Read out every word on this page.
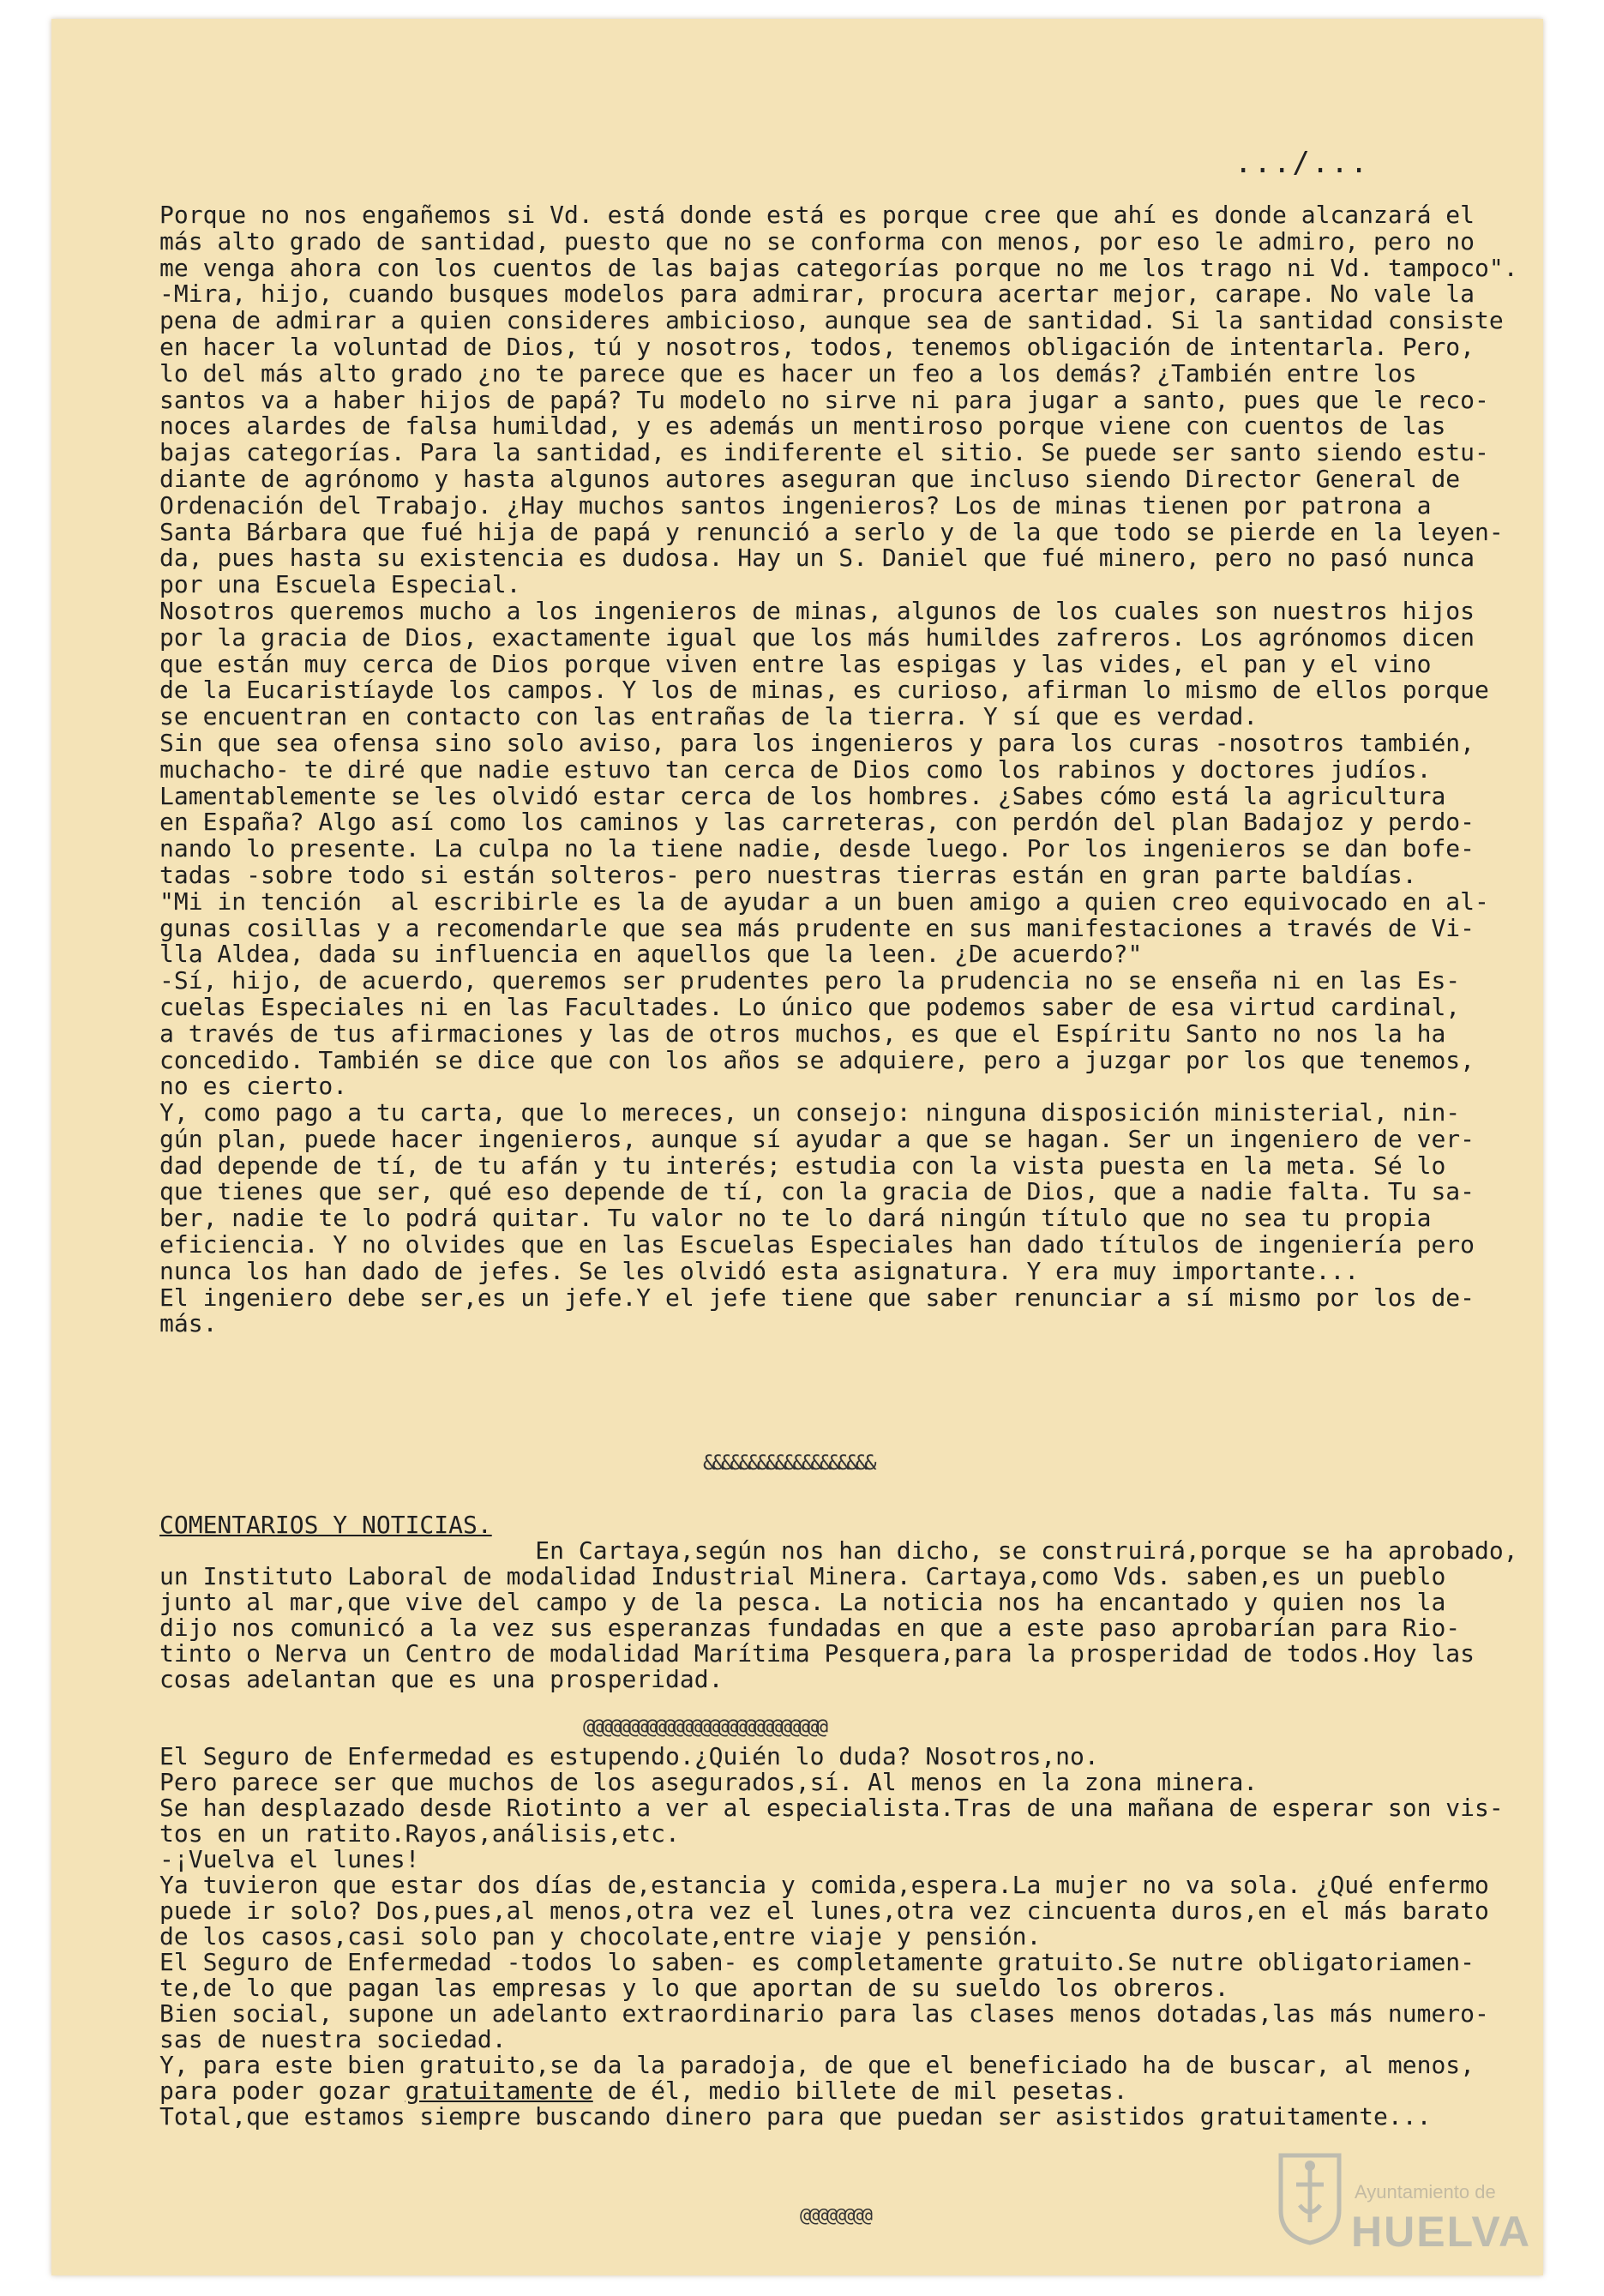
.../...

Porque no nos engañemos si Vd. está donde está es porque cree que ahí es donde alcanzará el

más alto grado de santidad, puesto que no se conforma con menos, por eso le admiro, pero no

me venga ahora con los cuentos de las bajas categorías porque no me los trago ni Vd. tampoco".

-Mira, hijo, cuando busques modelos para admirar, procura acertar mejor, carape. No vale la

pena de admirar a quien consideres ambicioso, aunque sea de santidad. Si la santidad consiste

en hacer la voluntad de Dios, tú y nosotros, todos, tenemos obligación de intentarla. Pero,

lo del más alto grado ¿no te parece que es hacer un feo a los demás? ¿También entre los

santos va a haber hijos de papá? Tu modelo no sirve ni para jugar a santo, pues que le reco-

noces alardes de falsa humildad, y es además un mentiroso porque viene con cuentos de las

bajas categorías. Para la santidad, es indiferente el sitio. Se puede ser santo siendo estu-

diante de agrónomo y hasta algunos autores aseguran que incluso siendo Director General de

Ordenación del Trabajo. ¿Hay muchos santos ingenieros? Los de minas tienen por patrona a

Santa Bárbara que fué hija de papá y renunció a serlo y de la que todo se pierde en la leyen-

da, pues hasta su existencia es dudosa. Hay un S. Daniel que fué minero, pero no pasó nunca

por una Escuela Especial.

Nosotros queremos mucho a los ingenieros de minas, algunos de los cuales son nuestros hijos

por la gracia de Dios, exactamente igual que los más humildes zafreros. Los agrónomos dicen

que están muy cerca de Dios porque viven entre las espigas y las vides, el pan y el vino

de la Eucaristíayde los campos. Y los de minas, es curioso, afirman lo mismo de ellos porque

se encuentran en contacto con las entrañas de la tierra. Y sí que es verdad.

Sin que sea ofensa sino solo aviso, para los ingenieros y para los curas -nosotros también,

muchacho- te diré que nadie estuvo tan cerca de Dios como los rabinos y doctores judíos.

Lamentablemente se les olvidó estar cerca de los hombres. ¿Sabes cómo está la agricultura

en España? Algo así como los caminos y las carreteras, con perdón del plan Badajoz y perdo-

nando lo presente. La culpa no la tiene nadie, desde luego. Por los ingenieros se dan bofe-

tadas -sobre todo si están solteros- pero nuestras tierras están en gran parte baldías.

"Mi in tención  al escribirle es la de ayudar a un buen amigo a quien creo equivocado en al-

gunas cosillas y a recomendarle que sea más prudente en sus manifestaciones a través de Vi-

lla Aldea, dada su influencia en aquellos que la leen. ¿De acuerdo?"

-Sí, hijo, de acuerdo, queremos ser prudentes pero la prudencia no se enseña ni en las Es-

cuelas Especiales ni en las Facultades. Lo único que podemos saber de esa virtud cardinal,

a través de tus afirmaciones y las de otros muchos, es que el Espíritu Santo no nos la ha

concedido. También se dice que con los años se adquiere, pero a juzgar por los que tenemos,

no es cierto.

Y, como pago a tu carta, que lo mereces, un consejo: ninguna disposición ministerial, nin-

gún plan, puede hacer ingenieros, aunque sí ayudar a que se hagan. Ser un ingeniero de ver-

dad depende de tí, de tu afán y tu interés; estudia con la vista puesta en la meta. Sé lo

que tienes que ser, qué eso depende de tí, con la gracia de Dios, que a nadie falta. Tu sa-

ber, nadie te lo podrá quitar. Tu valor no te lo dará ningún título que no sea tu propia

eficiencia. Y no olvides que en las Escuelas Especiales han dado títulos de ingeniería pero

nunca los han dado de jefes. Se les olvidó esta asignatura. Y era muy importante...

El ingeniero debe ser,es un jefe.Y el jefe tiene que saber renunciar a sí mismo por los de-

más.

&&&&&&&&&&&&&&&&&&&

COMENTARIOS Y NOTICIAS.

En Cartaya,según nos han dicho, se construirá,porque se ha aprobado,

un Instituto Laboral de modalidad Industrial Minera. Cartaya,como Vds. saben,es un pueblo

junto al mar,que vive del campo y de la pesca. La noticia nos ha encantado y quien nos la

dijo nos comunicó a la vez sus esperanzas fundadas en que a este paso aprobarían para Rio-

tinto o Nerva un Centro de modalidad Marítima Pesquera,para la prosperidad de todos.Hoy las

cosas adelantan que es una prosperidad.

@@@@@@@@@@@@@@@@@@@@@@@@@@@

El Seguro de Enfermedad es estupendo.¿Quién lo duda? Nosotros,no.

Pero parece ser que muchos de los asegurados,sí. Al menos en la zona minera.

Se han desplazado desde Riotinto a ver al especialista.Tras de una mañana de esperar son vis-

tos en un ratito.Rayos,análisis,etc.

-¡Vuelva el lunes!

Ya tuvieron que estar dos días de,estancia y comida,espera.La mujer no va sola. ¿Qué enfermo

puede ir solo? Dos,pues,al menos,otra vez el lunes,otra vez cincuenta duros,en el más barato

de los casos,casi solo pan y chocolate,entre viaje y pensión.

El Seguro de Enfermedad -todos lo saben- es completamente gratuito.Se nutre obligatoriamen-

te,de lo que pagan las empresas y lo que aportan de su sueldo los obreros.

Bien social, supone un adelanto extraordinario para las clases menos dotadas,las más numero-

sas de nuestra sociedad.

Y, para este bien gratuito,se da la paradoja, de que el beneficiado ha de buscar, al menos,

para poder gozar gratuitamente de él, medio billete de mil pesetas.

Total,que estamos siempre buscando dinero para que puedan ser asistidos gratuitamente...

@@@@@@@@
Ayuntamiento de
HUELVA
